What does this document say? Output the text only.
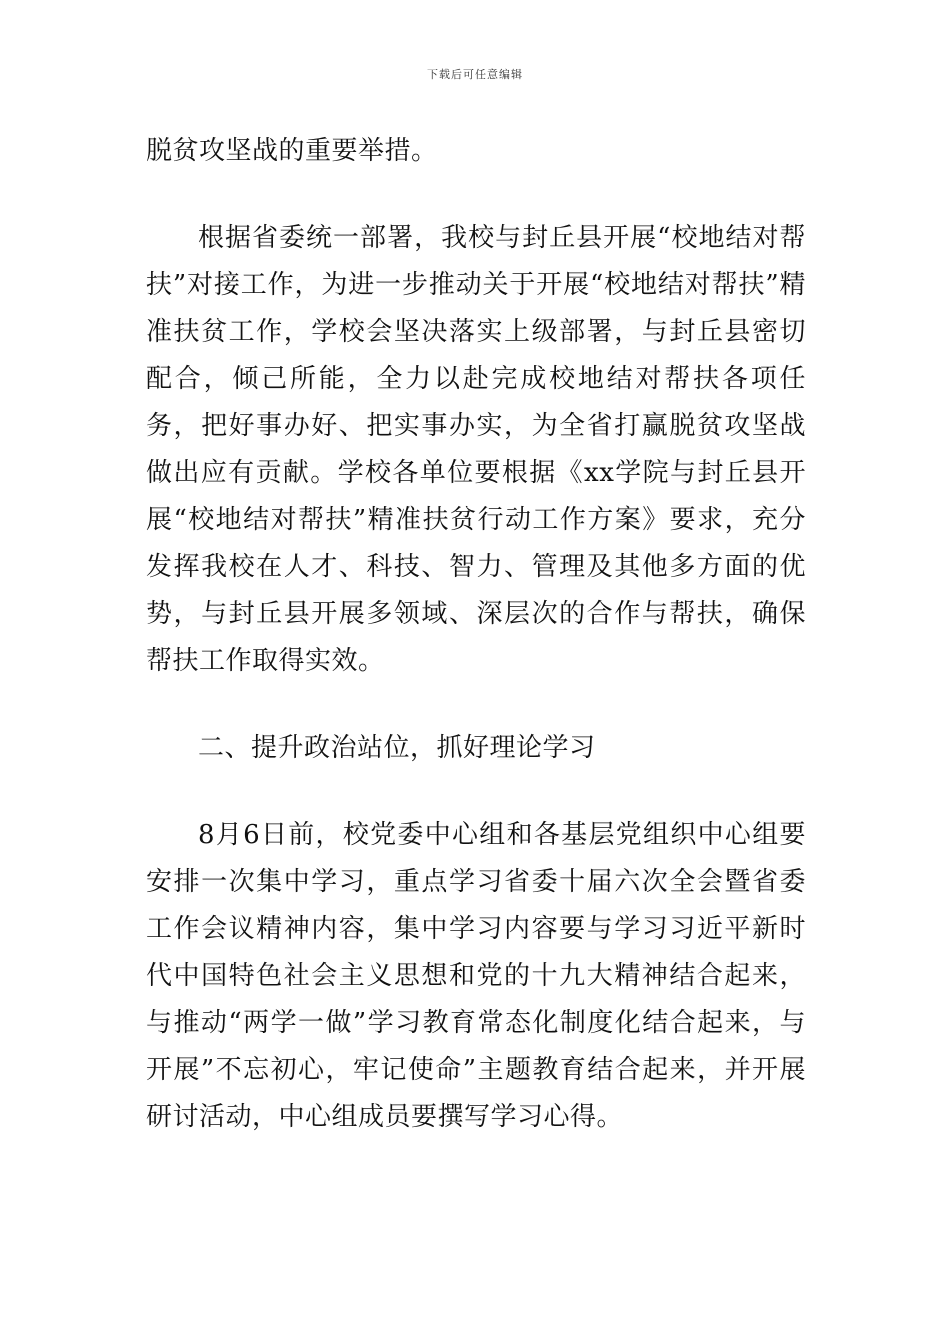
下载后可任意编辑

脱贫攻坚战的重要举措。

根据省委统一部署，我校与封丘县开展“校地结对帮扶”对接工作，为进一步推动关于开展“校地结对帮扶”精准扶贫工作，学校会坚决落实上级部署，与封丘县密切配合，倾己所能，全力以赴完成校地结对帮扶各项任务，把好事办好、把实事办实，为全省打赢脱贫攻坚战做出应有贡献。学校各单位要根据《xx学院与封丘县开展“校地结对帮扶”精准扶贫行动工作方案》要求，充分发挥我校在人才、科技、智力、管理及其他多方面的优势，与封丘县开展多领域、深层次的合作与帮扶，确保帮扶工作取得实效。

二、提升政治站位，抓好理论学习

8月6日前，校党委中心组和各基层党组织中心组要安排一次集中学习，重点学习省委十届六次全会暨省委工作会议精神内容，集中学习内容要与学习习近平新时代中国特色社会主义思想和党的十九大精神结合起来，与推动“两学一做”学习教育常态化制度化结合起来，与开展”不忘初心，牢记使命”主题教育结合起来，并开展研讨活动，中心组成员要撰写学习心得。
